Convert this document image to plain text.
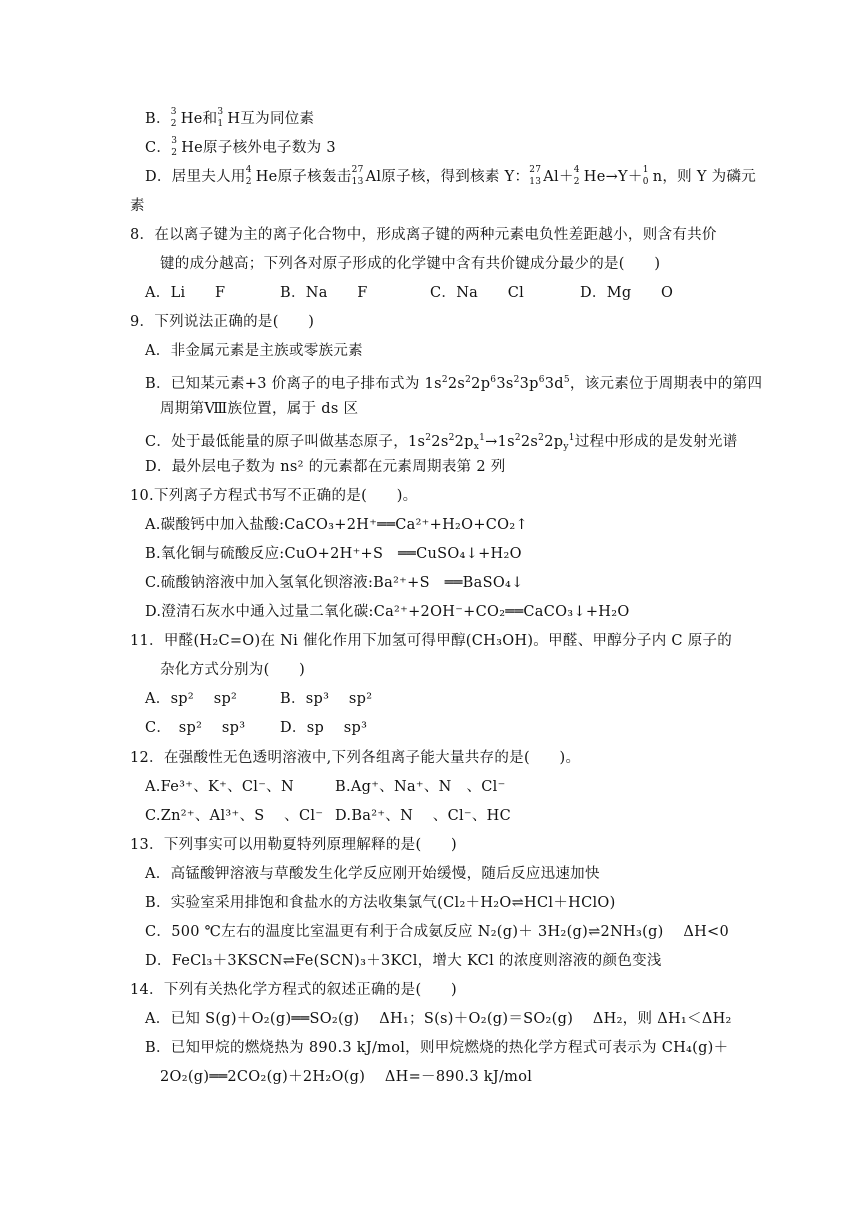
B． 3
2 He和 3
1 H互为同位素
C． 3
2 He原子核外电子数为 3
D．居里夫人用 4
2 He原子核轰击 27
13 Al原子核，得到核素 Y： 27
13 Al＋ 4
2 He→Y＋ 1
0 n，则 Y 为磷元
素
8．在以离子键为主的离子化合物中，形成离子键的两种元素电负性差距越小，则含有共价
键的成分越高；下列各对原子形成的化学键中含有共价键成分最少的是(　　)
A．Li　　F	B．Na　　F	C．Na　　Cl	D．Mg　　O
9．下列说法正确的是(　　)
A．非金属元素是主族或零族元素
B．已知某元素+3 价离子的电子排布式为 $1s^22s^22p^63s^23p^63d^5$，该元素位于周期表中的第四
周期第Ⅷ族位置，属于 ds 区
C．处于最低能量的原子叫做基态原子，$1s^22s^22p_x^1\to 1s^22s^22p_y^1$过程中形成的是发射光谱
D．最外层电子数为 ns² 的元素都在元素周期表第 2 列
10.下列离子方程式书写不正确的是(　　)。
A.碳酸钙中加入盐酸:CaCO₃+2H⁺══Ca²⁺+H₂O+CO₂↑
B.氧化铜与硫酸反应:CuO+2H⁺+S　══CuSO₄↓+H₂O
C.硫酸钠溶液中加入氢氧化钡溶液:Ba²⁺+S　══BaSO₄↓
D.澄清石灰水中通入过量二氧化碳:Ca²⁺+2OH⁻+CO₂══CaCO₃↓+H₂O
11．甲醛(H₂C=O)在 Ni 催化作用下加氢可得甲醇(CH₃OH)。甲醛、甲醇分子内 C 原子的
杂化方式分别为(　　)
A．sp²　 sp²	B．sp³　 sp²
C．　sp²　 sp³ D．sp　 sp³
12．在强酸性无色透明溶液中,下列各组离子能大量共存的是(　　)。
A.Fe³⁺、K⁺、Cl⁻、N	B.Ag⁺、Na⁺、N　、Cl⁻
C.Zn²⁺、Al³⁺、S　 、Cl⁻ D.Ba²⁺、N　 、Cl⁻、HC
13．下列事实可以用勒夏特列原理解释的是(　　)
A．高锰酸钾溶液与草酸发生化学反应刚开始缓慢，随后反应迅速加快
B．实验室采用排饱和食盐水的方法收集氯气(Cl₂＋H₂O⇌HCl＋HClO)
C．500 ℃左右的温度比室温更有利于合成氨反应 N₂(g)＋ 3H₂(g)⇌2NH₃(g)　 ΔH<0
D．FeCl₃＋3KSCN⇌Fe(SCN)₃＋3KCl，增大 KCl 的浓度则溶液的颜色变浅
14．下列有关热化学方程式的叙述正确的是(　　)
A．已知 S(g)＋O₂(g)══SO₂(g)　 ΔH₁；S(s)＋O₂(g)＝SO₂(g)　 ΔH₂，则 ΔH₁＜ΔH₂
B．已知甲烷的燃烧热为 890.3 kJ/mol，则甲烷燃烧的热化学方程式可表示为 CH₄(g)＋
2O₂(g)══2CO₂(g)＋2H₂O(g)　 ΔH=－890.3 kJ/mol
